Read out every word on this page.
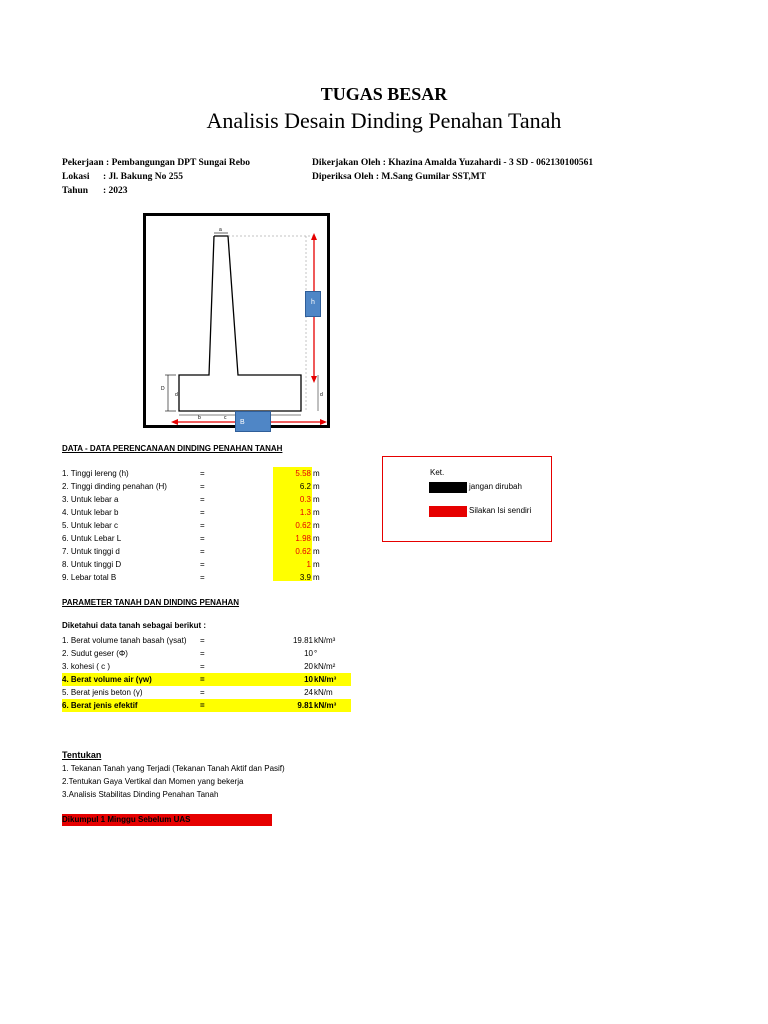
TUGAS BESAR
Analisis Desain Dinding Penahan Tanah
Pekerjaan : Pembangungan DPT Sungai Rebo
Lokasi : Jl. Bakung No 255
Tahun : 2023
Dikerjakan Oleh : Khazina Amalda Yuzahardi - 3 SD - 062130100561
Diperiksa Oleh : M.Sang Gumilar SST,MT
a
D
d	d
b	c
h
B
DATA - DATA PERENCANAAN DINDING PENAHAN TANAH
1. Tinggi lereng (h)	=	5.58 m
2. Tinggi dinding penahan (H)	=	6.2 m
3. Untuk lebar a	=	0.3 m
4. Untuk lebar b	=	1.3 m
5. Untuk lebar c	=	0.62 m
6. Untuk Lebar L	=	1.98 m
7. Untuk tinggi d	=	0.62 m
8. Untuk tinggi D	=	1 m
9. Lebar total B	=	3.9 m
Ket.
jangan dirubah
Silakan Isi sendiri
PARAMETER TANAH DAN DINDING PENAHAN
Diketahui data tanah sebagai berikut :
1. Berat volume tanah basah (γsat) =	19.81 kN/m³
2. Sudut geser (Φ)	=	10 °
3. kohesi ( c )	=	20 kN/m²
4. Berat volume air (γw)	=	10 kN/m³
5. Berat jenis beton (γ)	=	24 kN/m
6. Berat jenis efektif	=	9.81 kN/m³
Tentukan
1. Tekanan Tanah yang Terjadi (Tekanan Tanah Aktif dan Pasif)
2.Tentukan Gaya Vertikal dan Momen yang bekerja
3.Analisis Stabilitas Dinding Penahan Tanah
Dikumpul 1 Minggu Sebelum UAS
